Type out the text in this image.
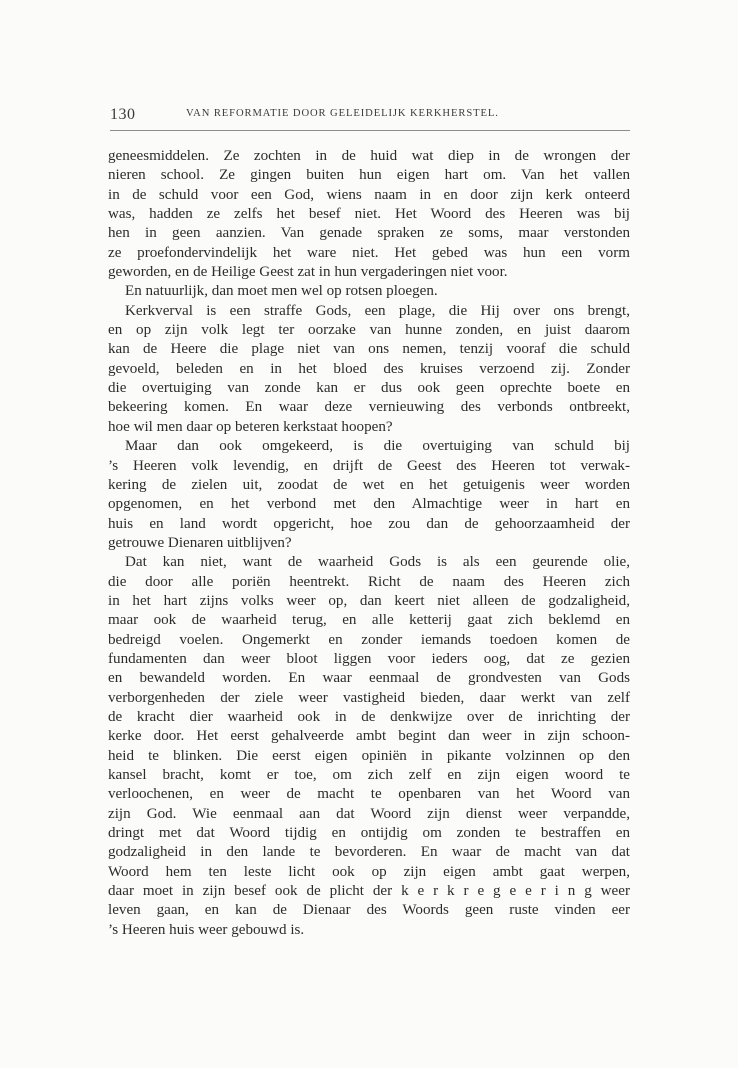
130	VAN REFORMATIE DOOR GELEIDELIJK KERKHERSTEL.
geneesmiddelen. Ze zochten in de huid wat diep in de wrongen der
nieren school. Ze gingen buiten hun eigen hart om. Van het vallen
in de schuld voor een God, wiens naam in en door zijn kerk onteerd
was, hadden ze zelfs het besef niet. Het Woord des Heeren was bij
hen in geen aanzien. Van genade spraken ze soms, maar verstonden
ze proefondervindelijk het ware niet. Het gebed was hun een vorm
geworden, en de Heilige Geest zat in hun vergaderingen niet voor.
En natuurlijk, dan moet men wel op rotsen ploegen.
Kerkverval is een straffe Gods, een plage, die Hij over ons brengt,
en op zijn volk legt ter oorzake van hunne zonden, en juist daarom
kan de Heere die plage niet van ons nemen, tenzij vooraf die schuld
gevoeld, beleden en in het bloed des kruises verzoend zij. Zonder
die overtuiging van zonde kan er dus ook geen oprechte boete en
bekeering komen. En waar deze vernieuwing des verbonds ontbreekt,
hoe wil men daar op beteren kerkstaat hoopen?
Maar dan ook omgekeerd, is die overtuiging van schuld bij
’s Heeren volk levendig, en drijft de Geest des Heeren tot verwak-
kering de zielen uit, zoodat de wet en het getuigenis weer worden
opgenomen, en het verbond met den Almachtige weer in hart en
huis en land wordt opgericht, hoe zou dan de gehoorzaamheid der
getrouwe Dienaren uitblijven?
Dat kan niet, want de waarheid Gods is als een geurende olie,
die door alle poriën heentrekt. Richt de naam des Heeren zich
in het hart zijns volks weer op, dan keert niet alleen de godzaligheid,
maar ook de waarheid terug, en alle ketterij gaat zich beklemd en
bedreigd voelen. Ongemerkt en zonder iemands toedoen komen de
fundamenten dan weer bloot liggen voor ieders oog, dat ze gezien
en bewandeld worden. En waar eenmaal de grondvesten van Gods
verborgenheden der ziele weer vastigheid bieden, daar werkt van zelf
de kracht dier waarheid ook in de denkwijze over de inrichting der
kerke door. Het eerst gehalveerde ambt begint dan weer in zijn schoon-
heid te blinken. Die eerst eigen opiniën in pikante volzinnen op den
kansel bracht, komt er toe, om zich zelf en zijn eigen woord te
verloochenen, en weer de macht te openbaren van het Woord van
zijn God. Wie eenmaal aan dat Woord zijn dienst weer verpandde,
dringt met dat Woord tijdig en ontijdig om zonden te bestraffen en
godzaligheid in den lande te bevorderen. En waar de macht van dat
Woord hem ten leste licht ook op zijn eigen ambt gaat werpen,
daar moet in zijn besef ook de plicht der k e r k r e g e e r i n g weer
leven gaan, en kan de Dienaar des Woords geen ruste vinden eer
’s Heeren huis weer gebouwd is.
